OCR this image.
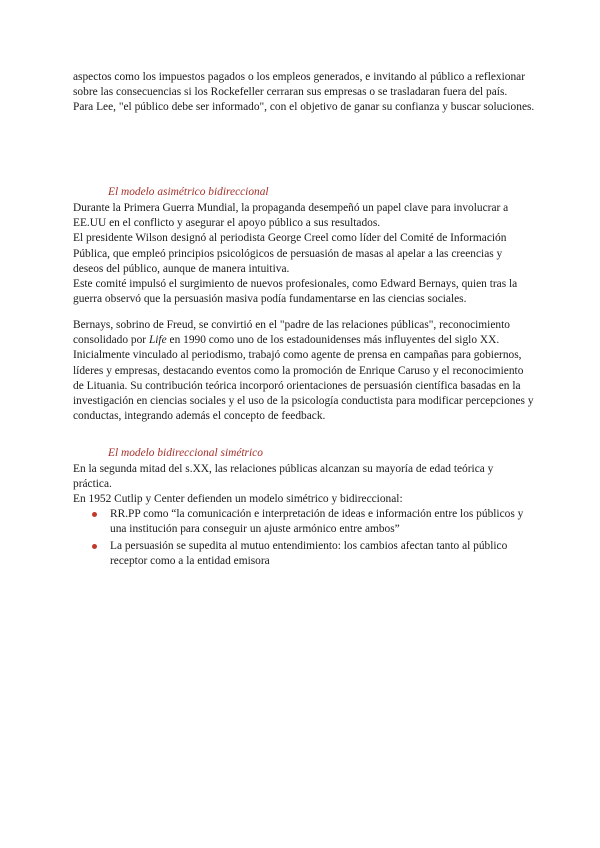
aspectos como los impuestos pagados o los empleos generados, e invitando al público a reflexionar sobre las consecuencias si los Rockefeller cerraran sus empresas o se trasladaran fuera del país.

Para Lee, "el público debe ser informado", con el objetivo de ganar su confianza y buscar soluciones.

El modelo asimétrico bidireccional

Durante la Primera Guerra Mundial, la propaganda desempeñó un papel clave para involucrar a EE.UU en el conflicto y asegurar el apoyo público a sus resultados.

El presidente Wilson designó al periodista George Creel como líder del Comité de Información Pública, que empleó principios psicológicos de persuasión de masas al apelar a las creencias y deseos del público, aunque de manera intuitiva.

Este comité impulsó el surgimiento de nuevos profesionales, como Edward Bernays, quien tras la guerra observó que la persuasión masiva podía fundamentarse en las ciencias sociales.

Bernays, sobrino de Freud, se convirtió en el "padre de las relaciones públicas", reconocimiento consolidado por Life en 1990 como uno de los estadounidenses más influyentes del siglo XX. Inicialmente vinculado al periodismo, trabajó como agente de prensa en campañas para gobiernos, líderes y empresas, destacando eventos como la promoción de Enrique Caruso y el reconocimiento de Lituania. Su contribución teórica incorporó orientaciones de persuasión científica basadas en la investigación en ciencias sociales y el uso de la psicología conductista para modificar percepciones y conductas, integrando además el concepto de feedback.

El modelo bidireccional simétrico

En la segunda mitad del s.XX, las relaciones públicas alcanzan su mayoría de edad teórica y práctica.

En 1952 Cutlip y Center defienden un modelo simétrico y bidireccional:

RR.PP como “la comunicación e interpretación de ideas e información entre los públicos y una institución para conseguir un ajuste armónico entre ambos”
La persuasión se supedita al mutuo entendimiento: los cambios afectan tanto al público receptor como a la entidad emisora
